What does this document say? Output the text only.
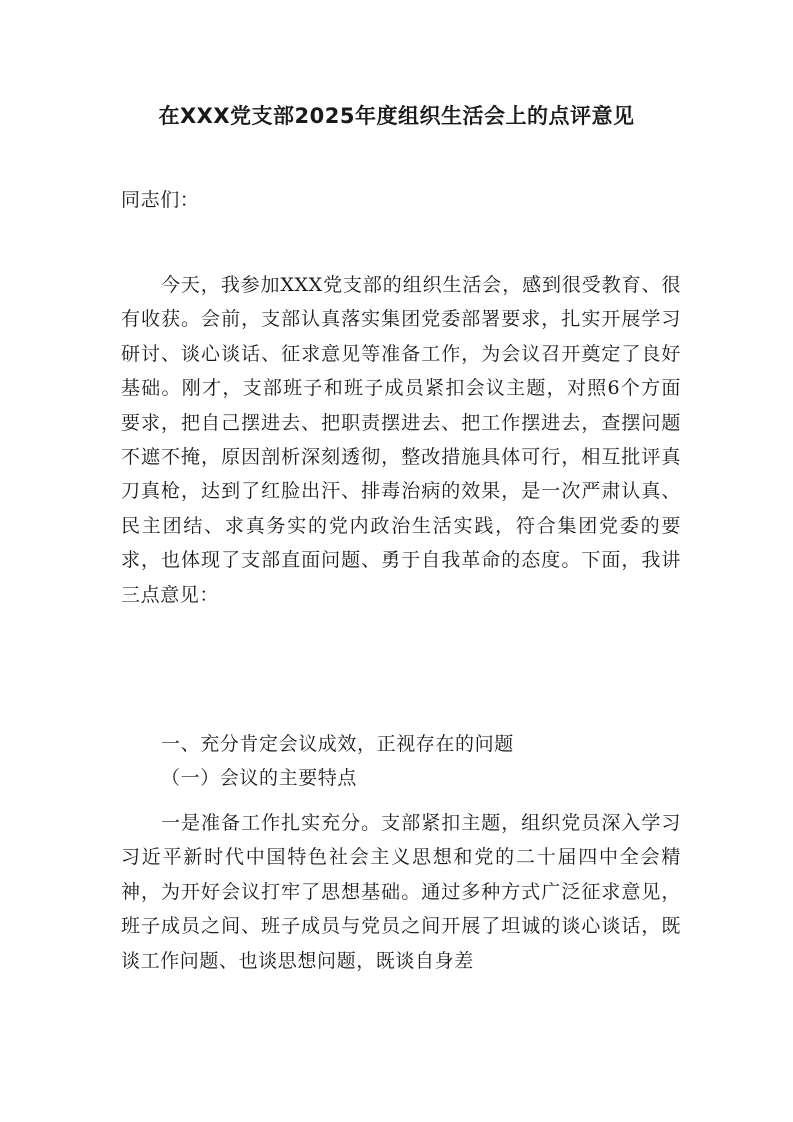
在XXX党支部2025年度组织生活会上的点评意见

同志们：

今天，我参加XXX党支部的组织生活会，感到很受教育、很有收获。会前，支部认真落实集团党委部署要求，扎实开展学习研讨、谈心谈话、征求意见等准备工作，为会议召开奠定了良好基础。刚才，支部班子和班子成员紧扣会议主题，对照6个方面要求，把自己摆进去、把职责摆进去、把工作摆进去，查摆问题不遮不掩，原因剖析深刻透彻，整改措施具体可行，相互批评真刀真枪，达到了红脸出汗、排毒治病的效果，是一次严肃认真、民主团结、求真务实的党内政治生活实践，符合集团党委的要求，也体现了支部直面问题、勇于自我革命的态度。下面，我讲三点意见：

一、充分肯定会议成效，正视存在的问题

（一）会议的主要特点

一是准备工作扎实充分。支部紧扣主题，组织党员深入学习习近平新时代中国特色社会主义思想和党的二十届四中全会精神，为开好会议打牢了思想基础。通过多种方式广泛征求意见，班子成员之间、班子成员与党员之间开展了坦诚的谈心谈话，既谈工作问题、也谈思想问题，既谈自身差
